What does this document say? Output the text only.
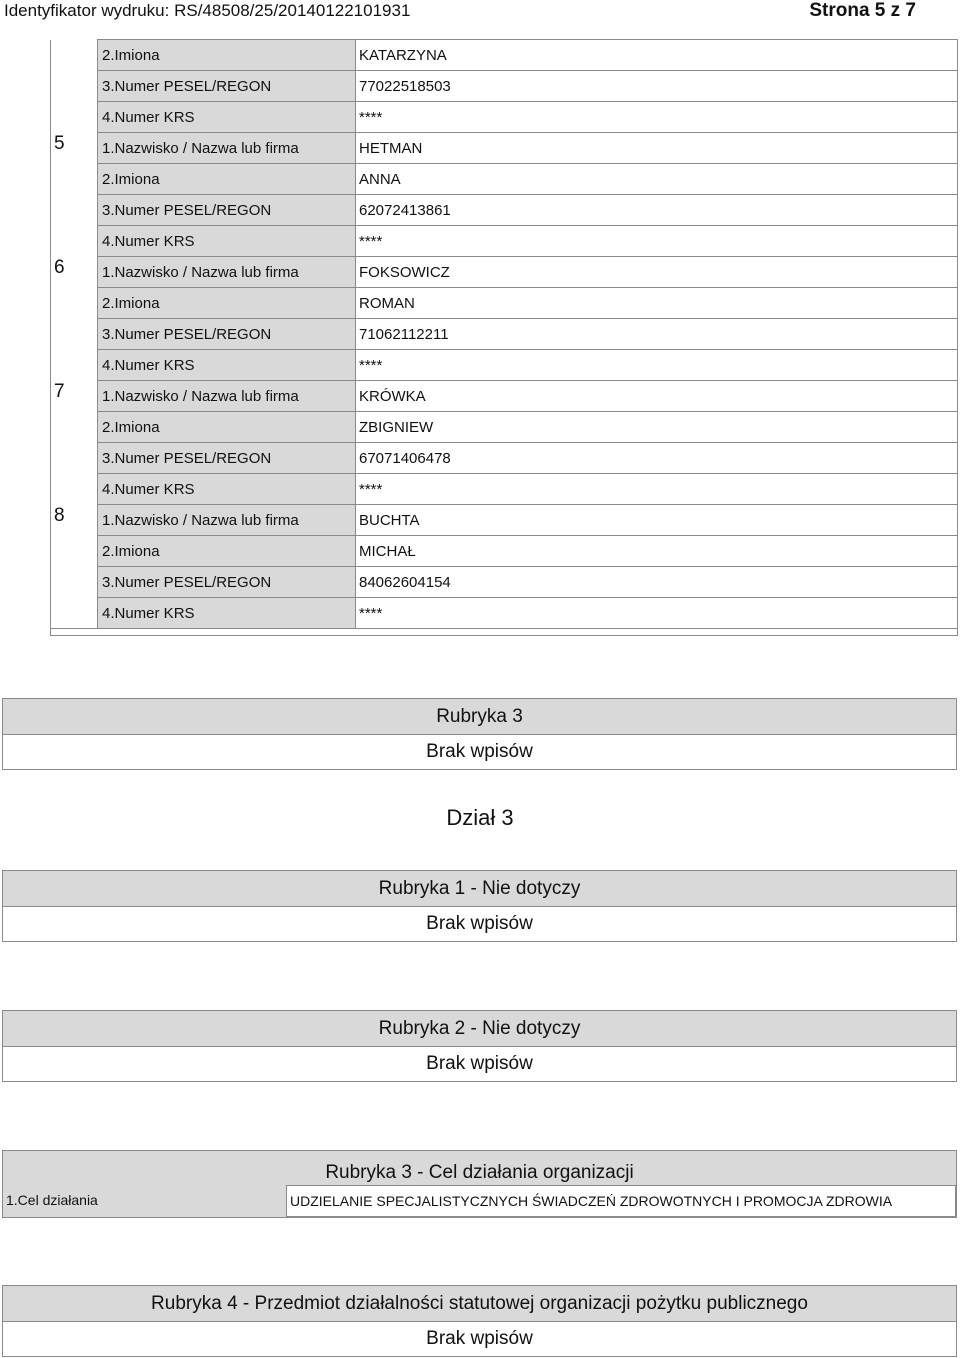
Identyfikator wydruku: RS/48508/25/20140122101931	Strona 5 z 7
	2.Imiona	KATARZYNA
	3.Numer PESEL/REGON	77022518503
	4.Numer KRS	****
5	1.Nazwisko / Nazwa lub firma	HETMAN
	2.Imiona	ANNA
	3.Numer PESEL/REGON	62072413861
	4.Numer KRS	****
6	1.Nazwisko / Nazwa lub firma	FOKSOWICZ
	2.Imiona	ROMAN
	3.Numer PESEL/REGON	71062112211
	4.Numer KRS	****
7	1.Nazwisko / Nazwa lub firma	KRÓWKA
	2.Imiona	ZBIGNIEW
	3.Numer PESEL/REGON	67071406478
	4.Numer KRS	****
8	1.Nazwisko / Nazwa lub firma	BUCHTA
	2.Imiona	MICHAŁ
	3.Numer PESEL/REGON	84062604154
	4.Numer KRS	****

Rubryka 3
Brak wpisów
Dział 3
Rubryka 1 - Nie dotyczy
Brak wpisów
Rubryka 2 - Nie dotyczy
Brak wpisów
Rubryka 3 - Cel działania organizacji
1.Cel działania	UDZIELANIE SPECJALISTYCZNYCH ŚWIADCZEŃ ZDROWOTNYCH I PROMOCJA ZDROWIA
Rubryka 4 - Przedmiot działalności statutowej organizacji pożytku publicznego
Brak wpisów
